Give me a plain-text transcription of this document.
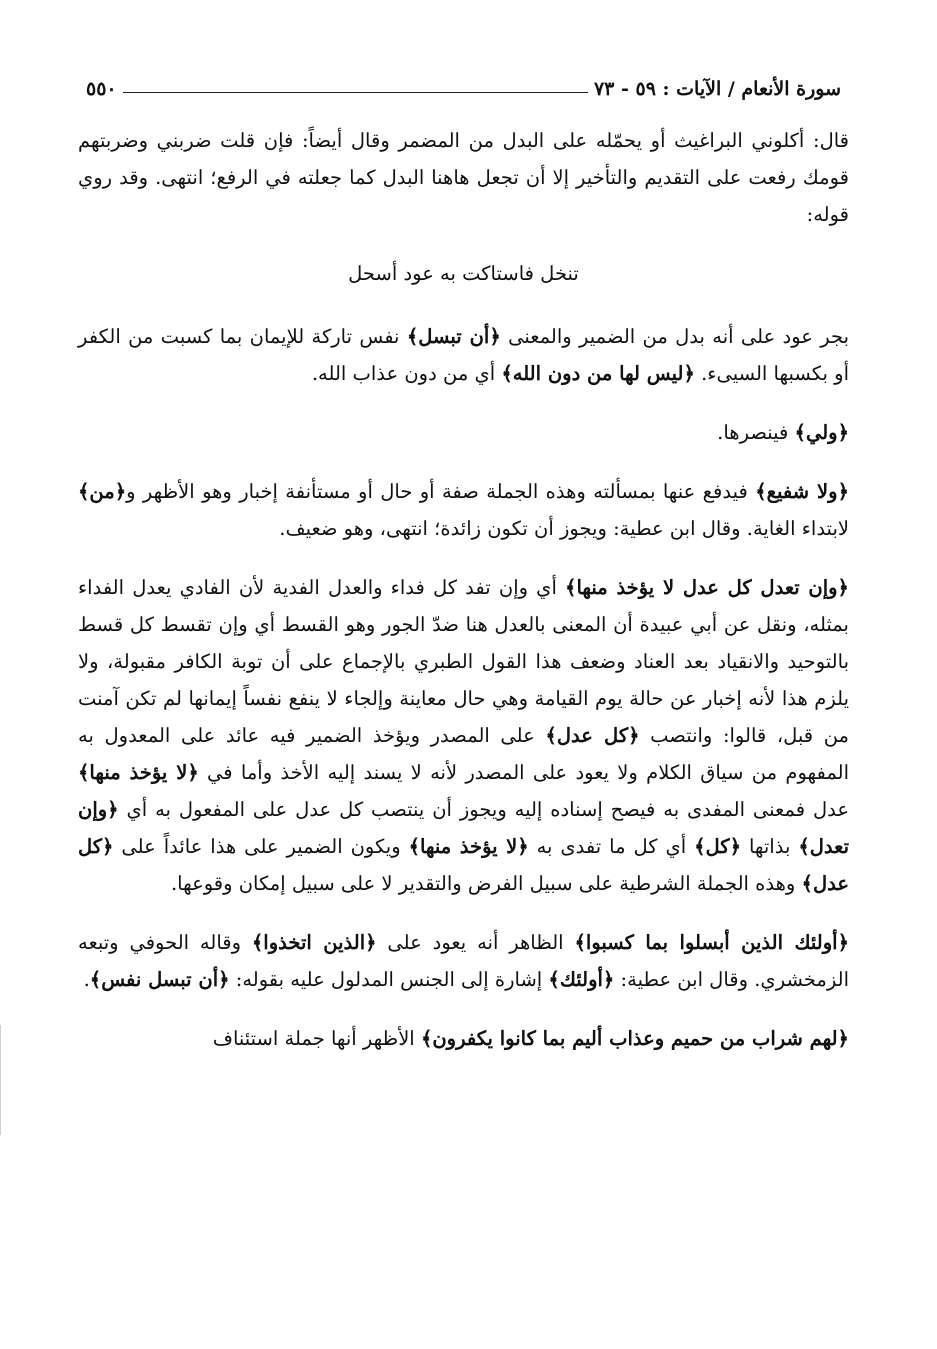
سورة الأنعام / الآيات : ٥٩ - ٧٣
٥٥٠

قال: أكلوني البراغيث أو يحمّله على البدل من المضمر وقال أيضاً: فإن قلت ضربني وضربتهم قومك رفعت على التقديم والتأخير إلا أن تجعل هاهنا البدل كما جعلته في الرفع؛ انتهى. وقد روي قوله:

تنخل فاستاكت به عود أسحل

بجر عود على أنه بدل من الضمير والمعنى ﴿أن تبسل﴾ نفس تاركة للإيمان بما كسبت من الكفر أو بكسبها السيىء. ﴿ليس لها من دون الله﴾ أي من دون عذاب الله.

﴿ولي﴾ فينصرها.

﴿ولا شفيع﴾ فيدفع عنها بمسألته وهذه الجملة صفة أو حال أو مستأنفة إخبار وهو الأظهر و﴿من﴾ لابتداء الغاية. وقال ابن عطية: ويجوز أن تكون زائدة؛ انتهى، وهو ضعيف.

﴿وإن تعدل كل عدل لا يؤخذ منها﴾ أي وإن تفد كل فداء والعدل الفدية لأن الفادي يعدل الفداء بمثله، ونقل عن أبي عبيدة أن المعنى بالعدل هنا ضدّ الجور وهو القسط أي وإن تقسط كل قسط بالتوحيد والانقياد بعد العناد وضعف هذا القول الطبري بالإجماع على أن توبة الكافر مقبولة، ولا يلزم هذا لأنه إخبار عن حالة يوم القيامة وهي حال معاينة وإلجاء لا ينفع نفساً إيمانها لم تكن آمنت من قبل، قالوا: وانتصب ﴿كل عدل﴾ على المصدر ويؤخذ الضمير فيه عائد على المعدول به المفهوم من سياق الكلام ولا يعود على المصدر لأنه لا يسند إليه الأخذ وأما في ﴿لا يؤخذ منها﴾ عدل فمعنى المفدى به فيصح إسناده إليه ويجوز أن ينتصب كل عدل على المفعول به أي ﴿وإن تعدل﴾ بذاتها ﴿كل﴾ أي كل ما تفدى به ﴿لا يؤخذ منها﴾ ويكون الضمير على هذا عائداً على ﴿كل عدل﴾ وهذه الجملة الشرطية على سبيل الفرض والتقدير لا على سبيل إمكان وقوعها.

﴿أولئك الذين أبسلوا بما كسبوا﴾ الظاهر أنه يعود على ﴿الذين اتخذوا﴾ وقاله الحوفي وتبعه الزمخشري. وقال ابن عطية: ﴿أولئك﴾ إشارة إلى الجنس المدلول عليه بقوله: ﴿أن تبسل نفس﴾.

﴿لهم شراب من حميم وعذاب أليم بما كانوا يكفرون﴾ الأظهر أنها جملة استئناف
